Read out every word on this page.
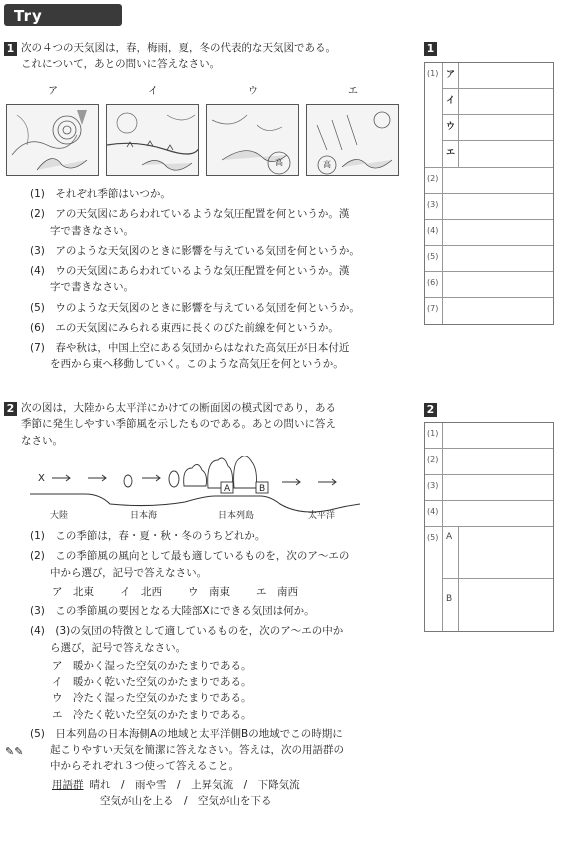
Try
1 次の４つの天気図は，春，梅雨，夏，冬の代表的な天気図である。
これについて，あとの問いに答えなさい。
ア	イ	ウ	エ
高	高
(1)　それぞれ季節はいつか。
(2)　アの天気図にあらわれているような気圧配置を何というか。漢
字で書きなさい。
(3)　アのような天気図のときに影響を与えている気団を何というか。
(4)　ウの天気図にあらわれているような気圧配置を何というか。漢
字で書きなさい。
(5)　ウのような天気図のときに影響を与えている気団を何というか。
(6)　エの天気図にみられる東西に長くのびた前線を何というか。
(7)　春や秋は，中国上空にある気団からはなれた高気圧が日本付近
を西から東へ移動していく。このような高気圧を何というか。
2 次の図は，大陸から太平洋にかけての断面図の模式図であり，ある
季節に発生しやすい季節風を示したものである。あとの問いに答え
なさい。
X
A	B
大陸	日本海	日本列島	太平洋
(1)　この季節は，春・夏・秋・冬のうちどれか。
(2)　この季節風の風向として最も適しているものを，次のア～エの
中から選び，記号で答えなさい。
ア　北東 イ　北西 ウ　南東 エ　南西
(3)　この季節風の要因となる大陸部Xにできる気団は何か。
(4)　(3)の気団の特徴として適しているものを，次のア～エの中か
ら選び，記号で答えなさい。
ア　暖かく湿った空気のかたまりである。
イ　暖かく乾いた空気のかたまりである。
ウ　冷たく湿った空気のかたまりである。
エ　冷たく乾いた空気のかたまりである。
(5)　日本列島の日本海側Aの地域と太平洋側Bの地域でこの時期に
起こりやすい天気を簡潔に答えなさい。答えは，次の用語群の
中からそれぞれ３つ使って答えること。
用語群 晴れ　/　雨や雪　/　上昇気流　/　下降気流
空気が山を上る　/　空気が山を下る
✎✎
1
(1) ア
イ
ウ
エ
(2)
(3)
(4)
(5)
(6)
(7)
2
(1)
(2)
(3)
(4)
(5) A
B
